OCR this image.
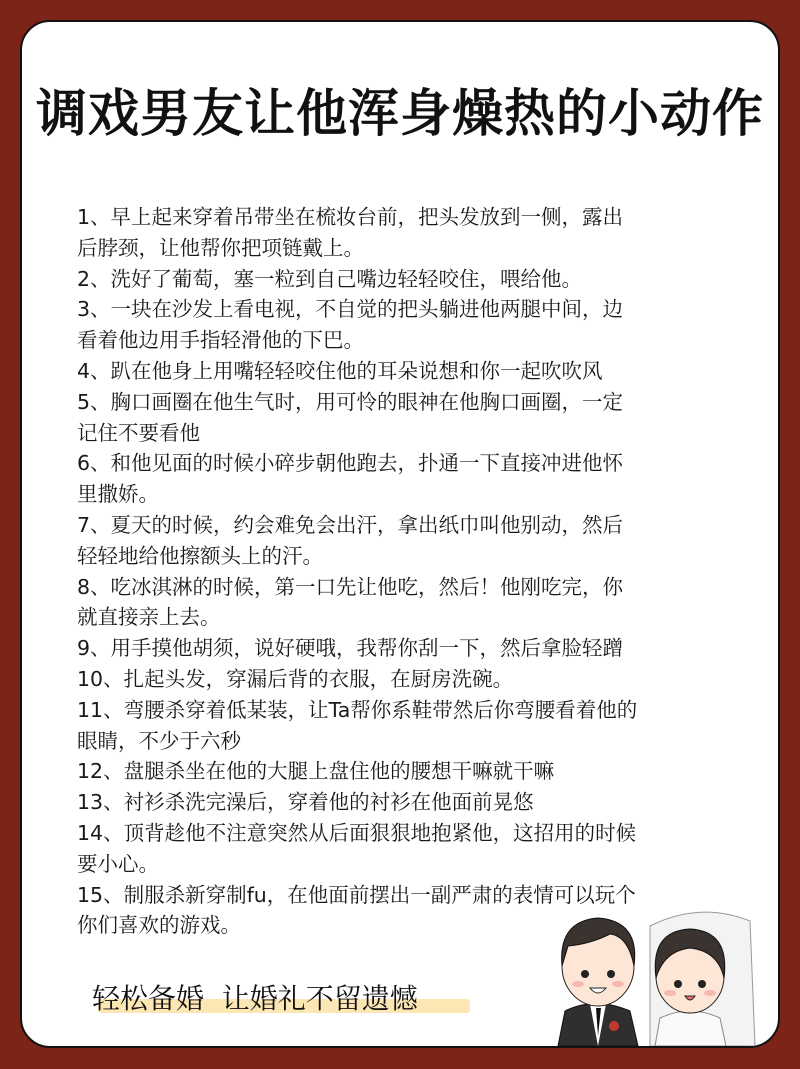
调戏男友让他浑身燥热的小动作
1、早上起来穿着吊带坐在梳妆台前，把头发放到一侧，露出
后脖颈，让他帮你把项链戴上。
2、洗好了葡萄，塞一粒到自己嘴边轻轻咬住，喂给他。
3、一块在沙发上看电视，不自觉的把头躺进他两腿中间，边
看着他边用手指轻滑他的下巴。
4、趴在他身上用嘴轻轻咬住他的耳朵说想和你一起吹吹风
5、胸口画圈在他生气时，用可怜的眼神在他胸口画圈，一定
记住不要看他
6、和他见面的时候小碎步朝他跑去，扑通一下直接冲进他怀
里撒娇。
7、夏天的时候，约会难免会出汗，拿出纸巾叫他别动，然后
轻轻地给他擦额头上的汗。
8、吃冰淇淋的时候，第一口先让他吃，然后！他刚吃完，你
就直接亲上去。
9、用手摸他胡须，说好硬哦，我帮你刮一下，然后拿脸轻蹭
10、扎起头发，穿漏后背的衣服，在厨房洗碗。
11、弯腰杀穿着低某装，让Ta帮你系鞋带然后你弯腰看着他的
眼睛，不少于六秒
12、盘腿杀坐在他的大腿上盘住他的腰想干嘛就干嘛
13、衬衫杀洗完澡后，穿着他的衬衫在他面前晃悠
14、顶背趁他不注意突然从后面狠狠地抱紧他，这招用的时候
要小心。
15、制服杀新穿制fu，在他面前摆出一副严肃的表情可以玩个
你们喜欢的游戏。
轻松备婚  让婚礼不留遗憾
